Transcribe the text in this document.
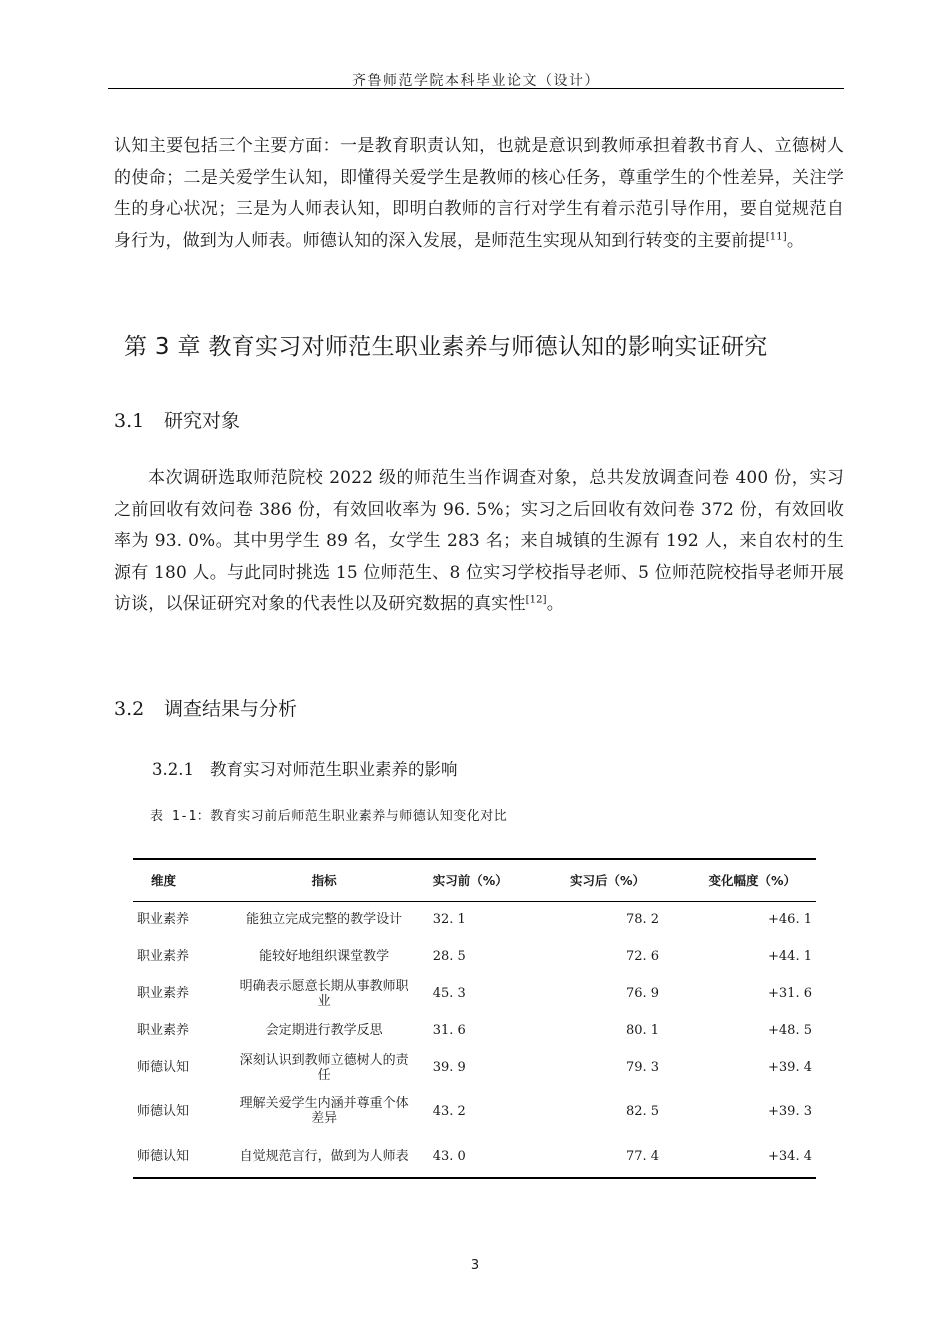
齐鲁师范学院本科毕业论文（设计）

认知主要包括三个主要方面：一是教育职责认知，也就是意识到教师承担着教书育人、立德树人的使命；二是关爱学生认知，即懂得关爱学生是教师的核心任务，尊重学生的个性差异，关注学生的身心状况；三是为人师表认知，即明白教师的言行对学生有着示范引导作用，要自觉规范自身行为，做到为人师表。师德认知的深入发展，是师范生实现从知到行转变的主要前提[11]。

第 3 章 教育实习对师范生职业素养与师德认知的影响实证研究
3.1 研究对象

本次调研选取师范院校 2022 级的师范生当作调查对象，总共发放调查问卷 400 份，实习之前回收有效问卷 386 份，有效回收率为 96. 5%；实习之后回收有效问卷 372 份，有效回收率为 93. 0%。其中男学生 89 名，女学生 283 名；来自城镇的生源有 192 人，来自农村的生源有 180 人。与此同时挑选 15 位师范生、8 位实习学校指导老师、5 位师范院校指导老师开展访谈，以保证研究对象的代表性以及研究数据的真实性[12]。

3.2 调查结果与分析
3.2.1 教育实习对师范生职业素养的影响
表 1-1：教育实习前后师范生职业素养与师德认知变化对比
维度	指标	实习前（%）	实习后（%）	变化幅度（%）
职业素养	能独立完成完整的教学设计	32. 1	78. 2	+46. 1
职业素养	能较好地组织课堂教学	28. 5	72. 6	+44. 1
职业素养	明确表示愿意长期从事教师职业	45. 3	76. 9	+31. 6
职业素养	会定期进行教学反思	31. 6	80. 1	+48. 5
师德认知	深刻认识到教师立德树人的责任	39. 9	79. 3	+39. 4
师德认知	理解关爱学生内涵并尊重个体差异	43. 2	82. 5	+39. 3
师德认知	自觉规范言行，做到为人师表	43. 0	77. 4	+34. 4
3
